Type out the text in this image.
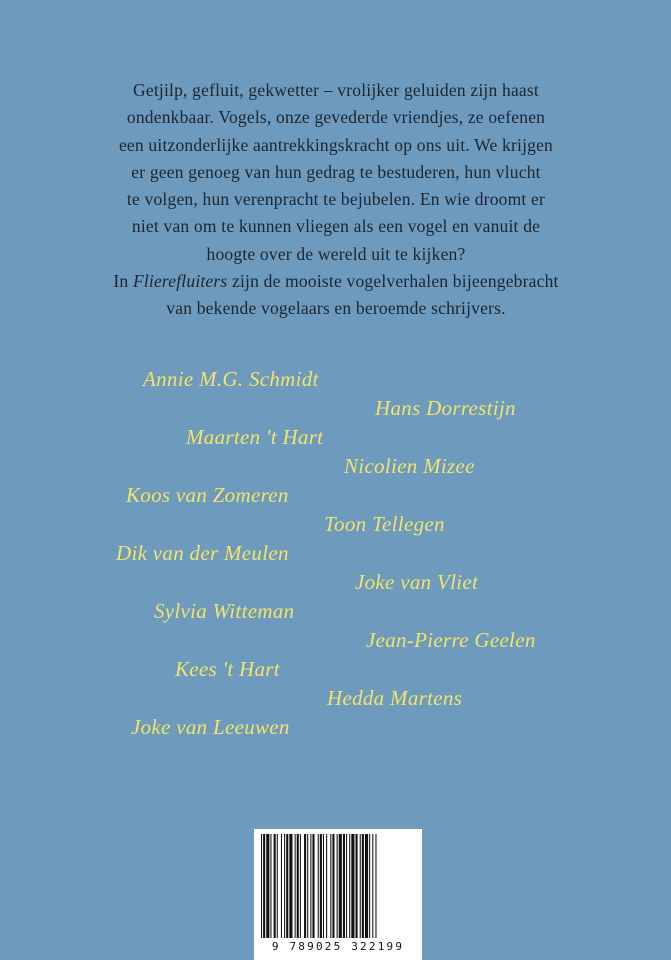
Getjilp, gefluit, gekwetter – vrolijker geluiden zijn haast
ondenkbaar. Vogels, onze gevederde vriendjes, ze oefenen
een uitzonderlijke aantrekkingskracht op ons uit. We krijgen
er geen genoeg van hun gedrag te bestuderen, hun vlucht
te volgen, hun verenpracht te bejubelen. En wie droomt er
niet van om te kunnen vliegen als een vogel en vanuit de
hoogte over de wereld uit te kijken?
In Flierefluiters zijn de mooiste vogelverhalen bijeengebracht
van bekende vogelaars en beroemde schrijvers.

Annie M.G. Schmidt
Hans Dorrestijn
Maarten 't Hart
Nicolien Mizee
Koos van Zomeren
Toon Tellegen
Dik van der Meulen
Joke van Vliet
Sylvia Witteman
Jean-Pierre Geelen
Kees 't Hart
Hedda Martens
Joke van Leeuwen
9 789025 322199
